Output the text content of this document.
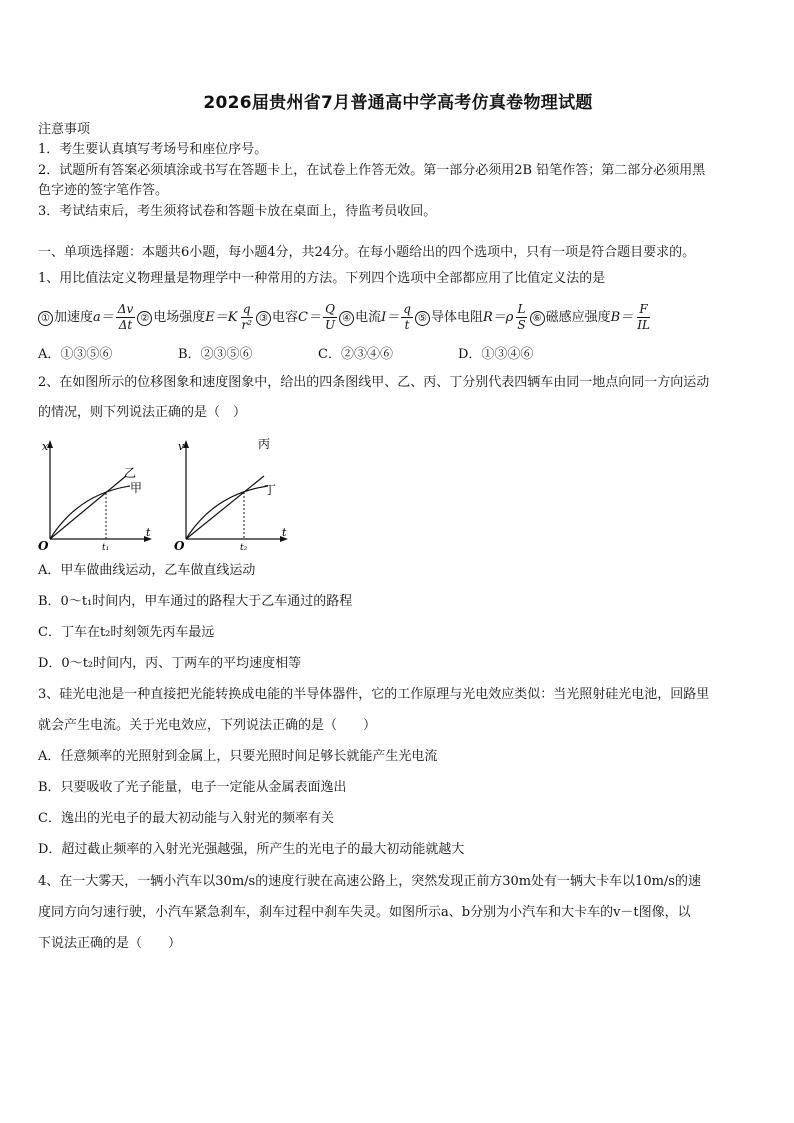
2026届贵州省7月普通高中学高考仿真卷物理试题
注意事项
1．考生要认真填写考场号和座位序号。
2．试题所有答案必须填涂或书写在答题卡上，在试卷上作答无效。第一部分必须用2B 铅笔作答；第二部分必须用黑
色字迹的签字笔作答。
3．考试结束后，考生须将试卷和答题卡放在桌面上，待监考员收回。
一、单项选择题：本题共6小题，每小题4分，共24分。在每小题给出的四个选项中，只有一项是符合题目要求的。
1、用比值法定义物理量是物理学中一种常用的方法。下列四个选项中全部都应用了比值定义法的是
① 加速度$a= \frac{\Delta v}{\Delta t}$ ② 电场强度$E=K \frac{q}{\text{r²}}$ ③ 电容$C= \frac{Q}{U}$ ④ 电流$I= \frac{q}{t}$ ⑤ 导体电阻$R=\rho \frac{L}{S}$ ⑥ 磁感应强度$B= \frac{F}{IL}$
A．①③⑤⑥	B．②③⑤⑥	C．②③④⑥	D．①③④⑥
2、在如图所示的位移图象和速度图象中，给出的四条图线甲、乙、丙、丁分别代表四辆车由同一地点向同一方向运动
的情况，则下列说法正确的是（　）
x
t
O	t₁
乙
甲
v
t
O	t₂
丙
丁
A．甲车做曲线运动，乙车做直线运动
B．0～t₁时间内，甲车通过的路程大于乙车通过的路程
C．丁车在t₂时刻领先丙车最远
D．0～t₂时间内，丙、丁两车的平均速度相等
3、硅光电池是一种直接把光能转换成电能的半导体器件，它的工作原理与光电效应类似：当光照射硅光电池，回路里
就会产生电流。关于光电效应，下列说法正确的是（　　）
A．任意频率的光照射到金属上，只要光照时间足够长就能产生光电流
B．只要吸收了光子能量，电子一定能从金属表面逸出
C．逸出的光电子的最大初动能与入射光的频率有关
D．超过截止频率的入射光光强越强，所产生的光电子的最大初动能就越大
4、在一大雾天，一辆小汽车以30m/s的速度行驶在高速公路上，突然发现正前方30m处有一辆大卡车以10m/s的速
度同方向匀速行驶，小汽车紧急刹车，刹车过程中刹车失灵。如图所示a、b分别为小汽车和大卡车的v－t图像，以
下说法正确的是（　　）
